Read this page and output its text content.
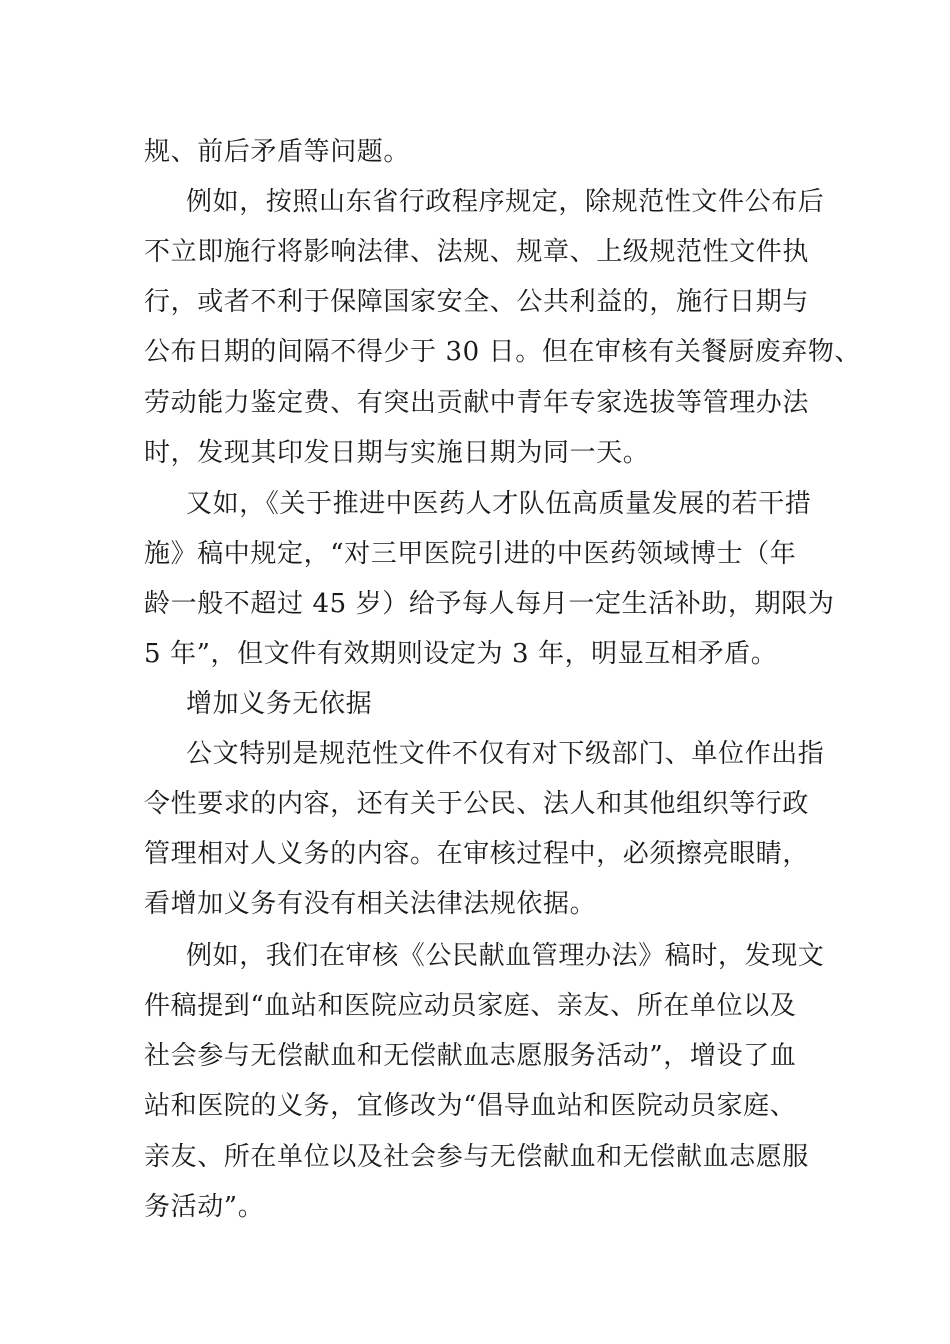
规、前后矛盾等问题。
例如，按照山东省行政程序规定，除规范性文件公布后
不立即施行将影响法律、法规、规章、上级规范性文件执
行，或者不利于保障国家安全、公共利益的，施行日期与
公布日期的间隔不得少于 30 日。但在审核有关餐厨废弃物、
劳动能力鉴定费、有突出贡献中青年专家选拔等管理办法
时，发现其印发日期与实施日期为同一天。
又如，《关于推进中医药人才队伍高质量发展的若干措
施》稿中规定，“对三甲医院引进的中医药领域博士（年
龄一般不超过 45 岁）给予每人每月一定生活补助，期限为
5 年”，但文件有效期则设定为 3 年，明显互相矛盾。
增加义务无依据
公文特别是规范性文件不仅有对下级部门、单位作出指
令性要求的内容，还有关于公民、法人和其他组织等行政
管理相对人义务的内容。在审核过程中，必须擦亮眼睛，
看增加义务有没有相关法律法规依据。
例如，我们在审核《公民献血管理办法》稿时，发现文
件稿提到“血站和医院应动员家庭、亲友、所在单位以及
社会参与无偿献血和无偿献血志愿服务活动”，增设了血
站和医院的义务，宜修改为“倡导血站和医院动员家庭、
亲友、所在单位以及社会参与无偿献血和无偿献血志愿服
务活动”。
